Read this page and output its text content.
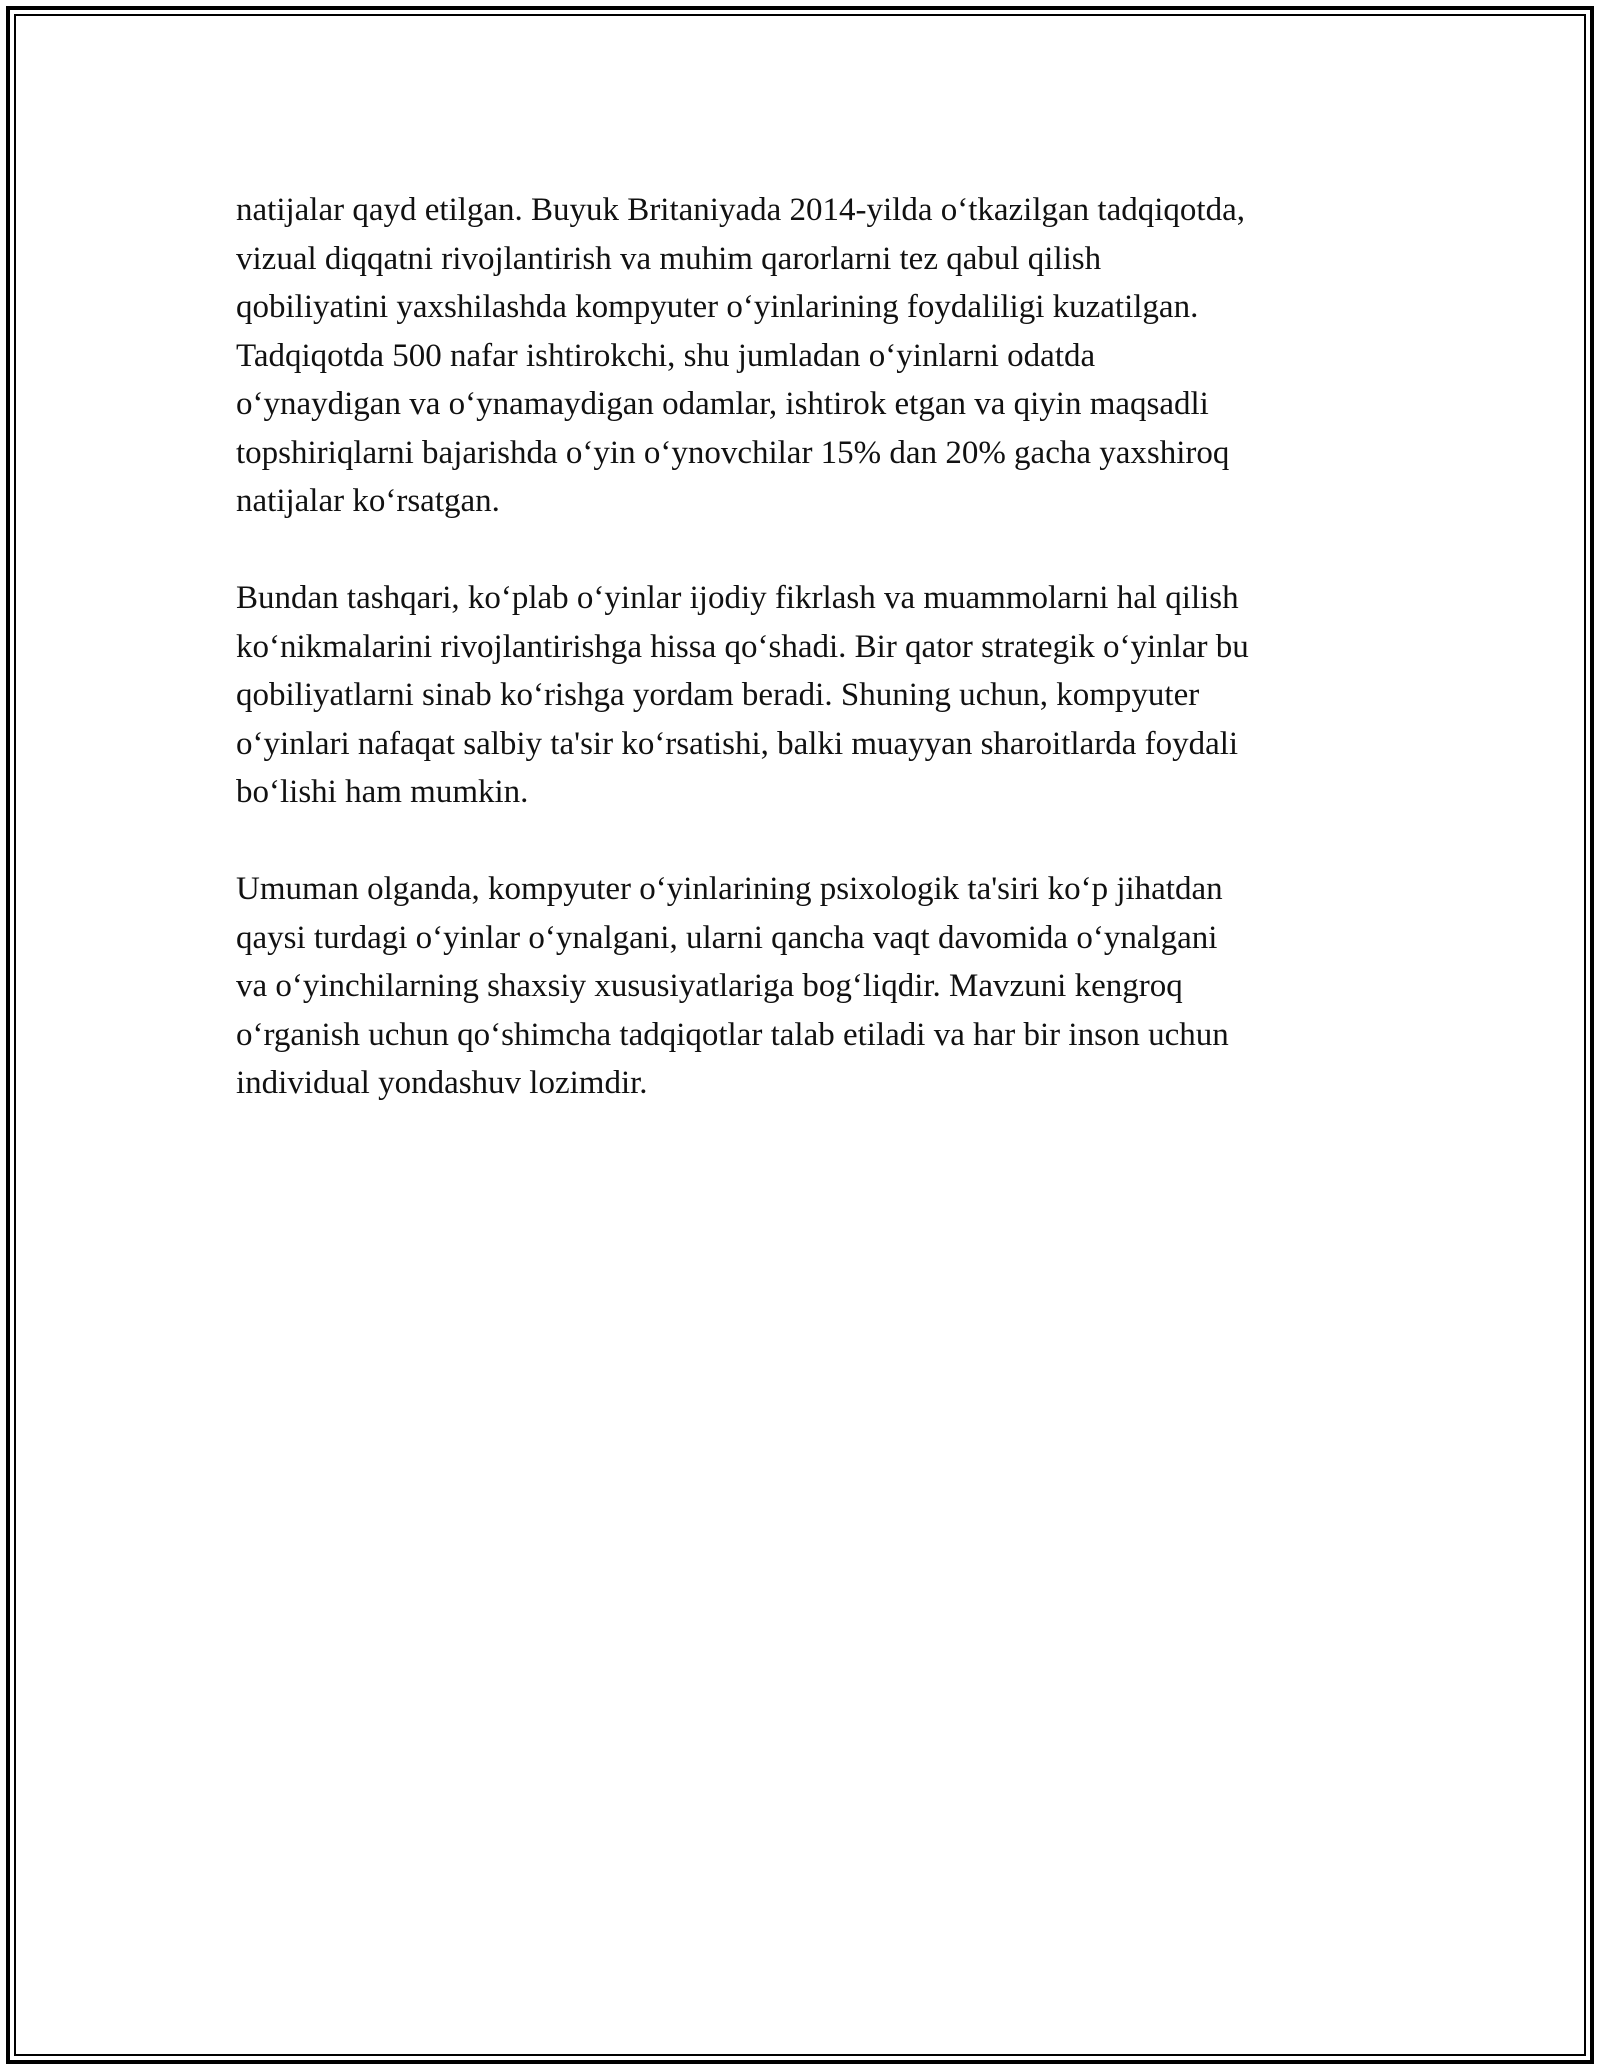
natijalar qayd etilgan. Buyuk Britaniyada 2014-yilda o‘tkazilgan tadqiqotda,
vizual diqqatni rivojlantirish va muhim qarorlarni tez qabul qilish
qobiliyatini yaxshilashda kompyuter o‘yinlarining foydaliligi kuzatilgan.
Tadqiqotda 500 nafar ishtirokchi, shu jumladan o‘yinlarni odatda
o‘ynaydigan va o‘ynamaydigan odamlar, ishtirok etgan va qiyin maqsadli
topshiriqlarni bajarishda o‘yin o‘ynovchilar 15% dan 20% gacha yaxshiroq
natijalar ko‘rsatgan.

Bundan tashqari, ko‘plab o‘yinlar ijodiy fikrlash va muammolarni hal qilish
ko‘nikmalarini rivojlantirishga hissa qo‘shadi. Bir qator strategik o‘yinlar bu
qobiliyatlarni sinab ko‘rishga yordam beradi. Shuning uchun, kompyuter
o‘yinlari nafaqat salbiy ta'sir ko‘rsatishi, balki muayyan sharoitlarda foydali
bo‘lishi ham mumkin.

Umuman olganda, kompyuter o‘yinlarining psixologik ta'siri ko‘p jihatdan
qaysi turdagi o‘yinlar o‘ynalgani, ularni qancha vaqt davomida o‘ynalgani
va o‘yinchilarning shaxsiy xususiyatlariga bog‘liqdir. Mavzuni kengroq
o‘rganish uchun qo‘shimcha tadqiqotlar talab etiladi va har bir inson uchun
individual yondashuv lozimdir.
